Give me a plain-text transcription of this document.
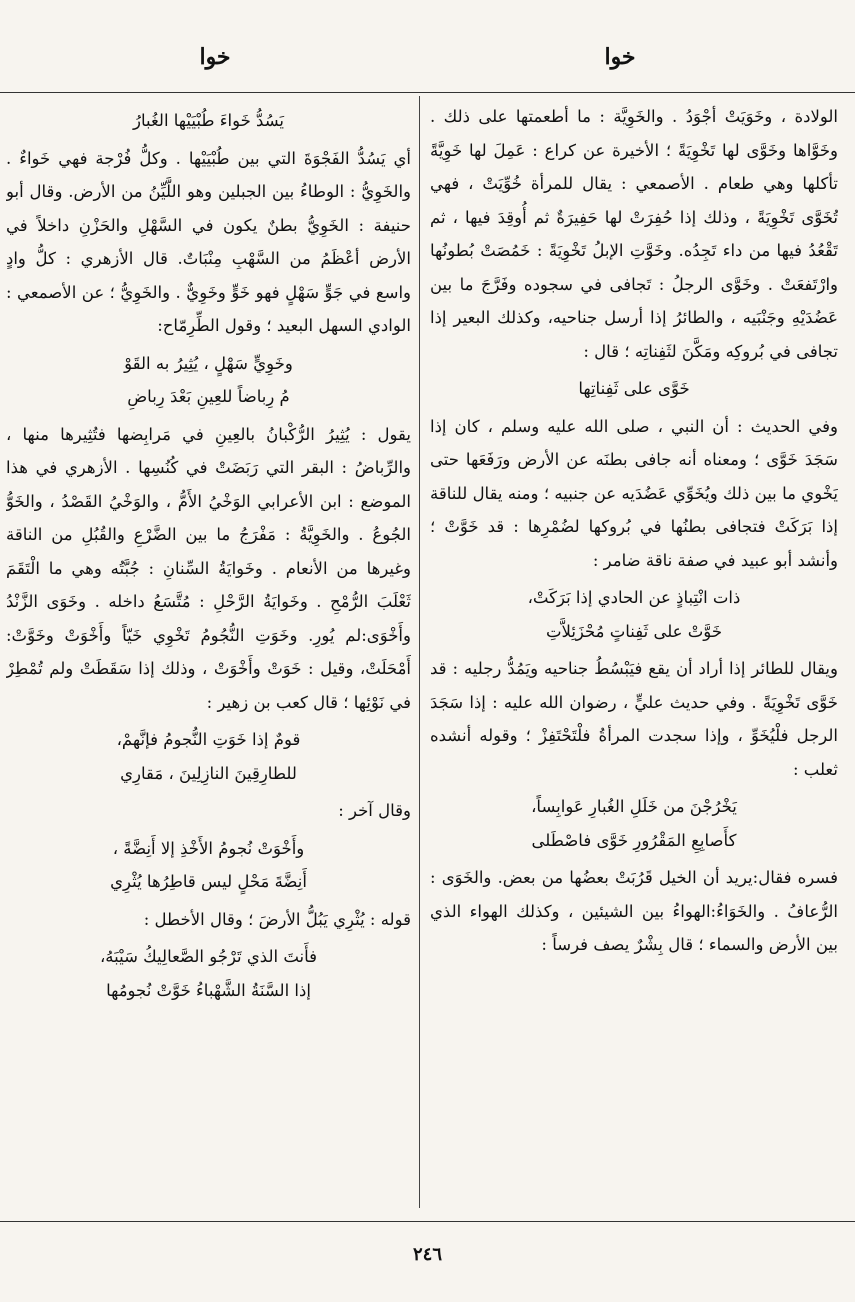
خوا
خوا

الولادة ، وخَوَيَتْ أجْوَدُ . والخَوِيَّة : ما أطعمتها على ذلك . وخَوَّاها وخَوَّى لها تَخْوِيَةً ؛ الأخيرة عن كراع : عَمِلَ لها خَوِيَّةً تأكلها وهي طعام . الأصمعي : يقال للمرأة خُوِّيَتْ ، فهي تُخَوَّى تَخْوِيَةً ، وذلك إذا حُفِرَتْ لها حَفِيرَةٌ ثم أُوقِدَ فيها ، ثم تَقْعُدُ فيها من داء تَجِدُه. وخَوَّتِ الإبلُ تَخْوِيَةً : خَمُصَتْ بُطونُها وارْتَفعَتْ . وخَوَّى الرجلُ : تَجافى في سجوده وفَرَّجَ ما بين عَضُدَيْهِ وجَنْبَيه ، والطائرُ إذا أرسل جناحيه، وكذلك البعير إذا تجافى في بُروكِه ومَكَّنَ لثَفِناتِه ؛ قال :

خَوَّى على ثَفِناتِها

وفي الحديث : أن النبي ، صلى الله عليه وسلم ، كان إذا سَجَدَ خَوَّى ؛ ومعناه أنه جافى بطنَه عن الأرض ورَفَعَها حتى يَخْوي ما بين ذلك ويُخَوِّي عَضُدَيه عن جنبيه ؛ ومنه يقال للناقة إذا بَرَكَتْ فتجافى بطنُها في بُروكها لضُمْرِها : قد خَوَّتْ ؛ وأنشد أبو عبيد في صفة ناقة ضامر :

ذات انْتِباذٍ عن الحادي إذا بَرَكَتْ،

خَوَّتْ على ثَفِناتٍ مُحْزَئِلاَّتِ

ويقال للطائر إذا أراد أن يقع فيَبْسُطُ جناحيه ويَمُدُّ رجليه : قد خَوَّى تَخْوِيَةً . وفي حديث عليٍّ ، رضوان الله عليه : إذا سَجَدَ الرجل فلْيُخَوِّ ، وإذا سجدت المرأةُ فلْتَحْتَفِزْ ؛ وقوله أنشده ثعلب :

يَخْرُجْنَ من خَلَلِ الغُبارِ عَوابِساً،

كأَصابِعِ المَقْرُورِ خَوَّى فاصْطَلى

فسره فقال:يريد أن الخيل قَرُبَتْ بعضُها من بعض. والخَوَى : الرُّعافُ . والخَوَاءُ:الهواءُ بين الشيئين ، وكذلك الهواء الذي بين الأرض والسماء ؛ قال بِشْرٌ يصف فرساً :

يَسُدُّ خَواءَ طُبْيَيْها الغُبارُ

أي يَسُدُّ الفَجْوَةَ التي بين طُبْيَيْها . وكلُّ فُرْجة فهي خَواءٌ . والخَوِيُّ : الوطاءُ بين الجبلين وهو اللَّيِّنُ من الأرض. وقال أبو حنيفة : الخَوِيُّ بطنٌ يكون في السَّهْلِ والحَزْنِ داخلاً في الأرض أعْظَمُ من السَّهْبِ مِنْبَاتٌ. قال الأزهري : كلُّ وادٍ واسع في جَوٍّ سَهْلٍ فهو خَوٍّ وخَوِيٌّ . والخَوِيُّ ؛ عن الأصمعي : الوادي السهل البعيد ؛ وقول الطِّرِمّاح:

وخَوِيٍّ سَهْلٍ ، يُثِيرُ به القَوْ

مُ رِباضاً للعِينِ بَعْدَ رِباضِ

يقول : يُثِيرُ الرُّكْبانُ بالعِينِ في مَرابِضها فتُثِيرها منها ، والرِّباضُ : البقر التي رَبَضَتْ في كُنُسِها . الأزهري في هذا الموضع : ابن الأعرابي الوَخْيُ الأَمُّ ، والوَخْيُ القَصْدُ ، والخَوُّ الجُوعُ . والخَوِيَّةُ : مَفْرَجُ ما بين الضَّرْعِ والقُبُلِ من الناقة وغيرها من الأنعام . وخَوايَةُ السِّنانِ : جُبَّتُه وهي ما الْتَقَمَ ثَعْلَبَ الرُّمْحِ . وخَوايَةُ الرَّحْلِ : مُتَّسَعُ داخله . وخَوَى الزَّنْدُ وأَخْوَى:لم يُورِ. وخَوَتِ النُّجُومُ تَخْوِي خَيّاً وأَخْوَتْ وخَوَّتْ: أَمْحَلَتْ، وقيل : خَوَتْ وأَخْوَتْ ، وذلك إذا سَقَطَتْ ولم تُمْطِرْ في نَوْئِها ؛ قال كعب بن زهير :

قومٌ إذا خَوَتِ النُّجومُ فإنَّهمْ،

للطارِقِينَ النازِلِينَ ، مَقارِي

وقال آخر :

وأَخْوَتْ نُجومُ الأَخْذِ إلا أَنِضَّةً ،

أَنِضَّةَ مَحْلٍ ليس قاطِرُها يُثْرِي

قوله : يُثْرِي يَبُلُّ الأرضَ ؛ وقال الأخطل :

فأَنتَ الذي تَرْجُو الصَّعالِيكُ سَيْبَهُ،

إذا السَّنَةُ الشَّهْباءُ خَوَّتْ نُجومُها

٢٤٦
